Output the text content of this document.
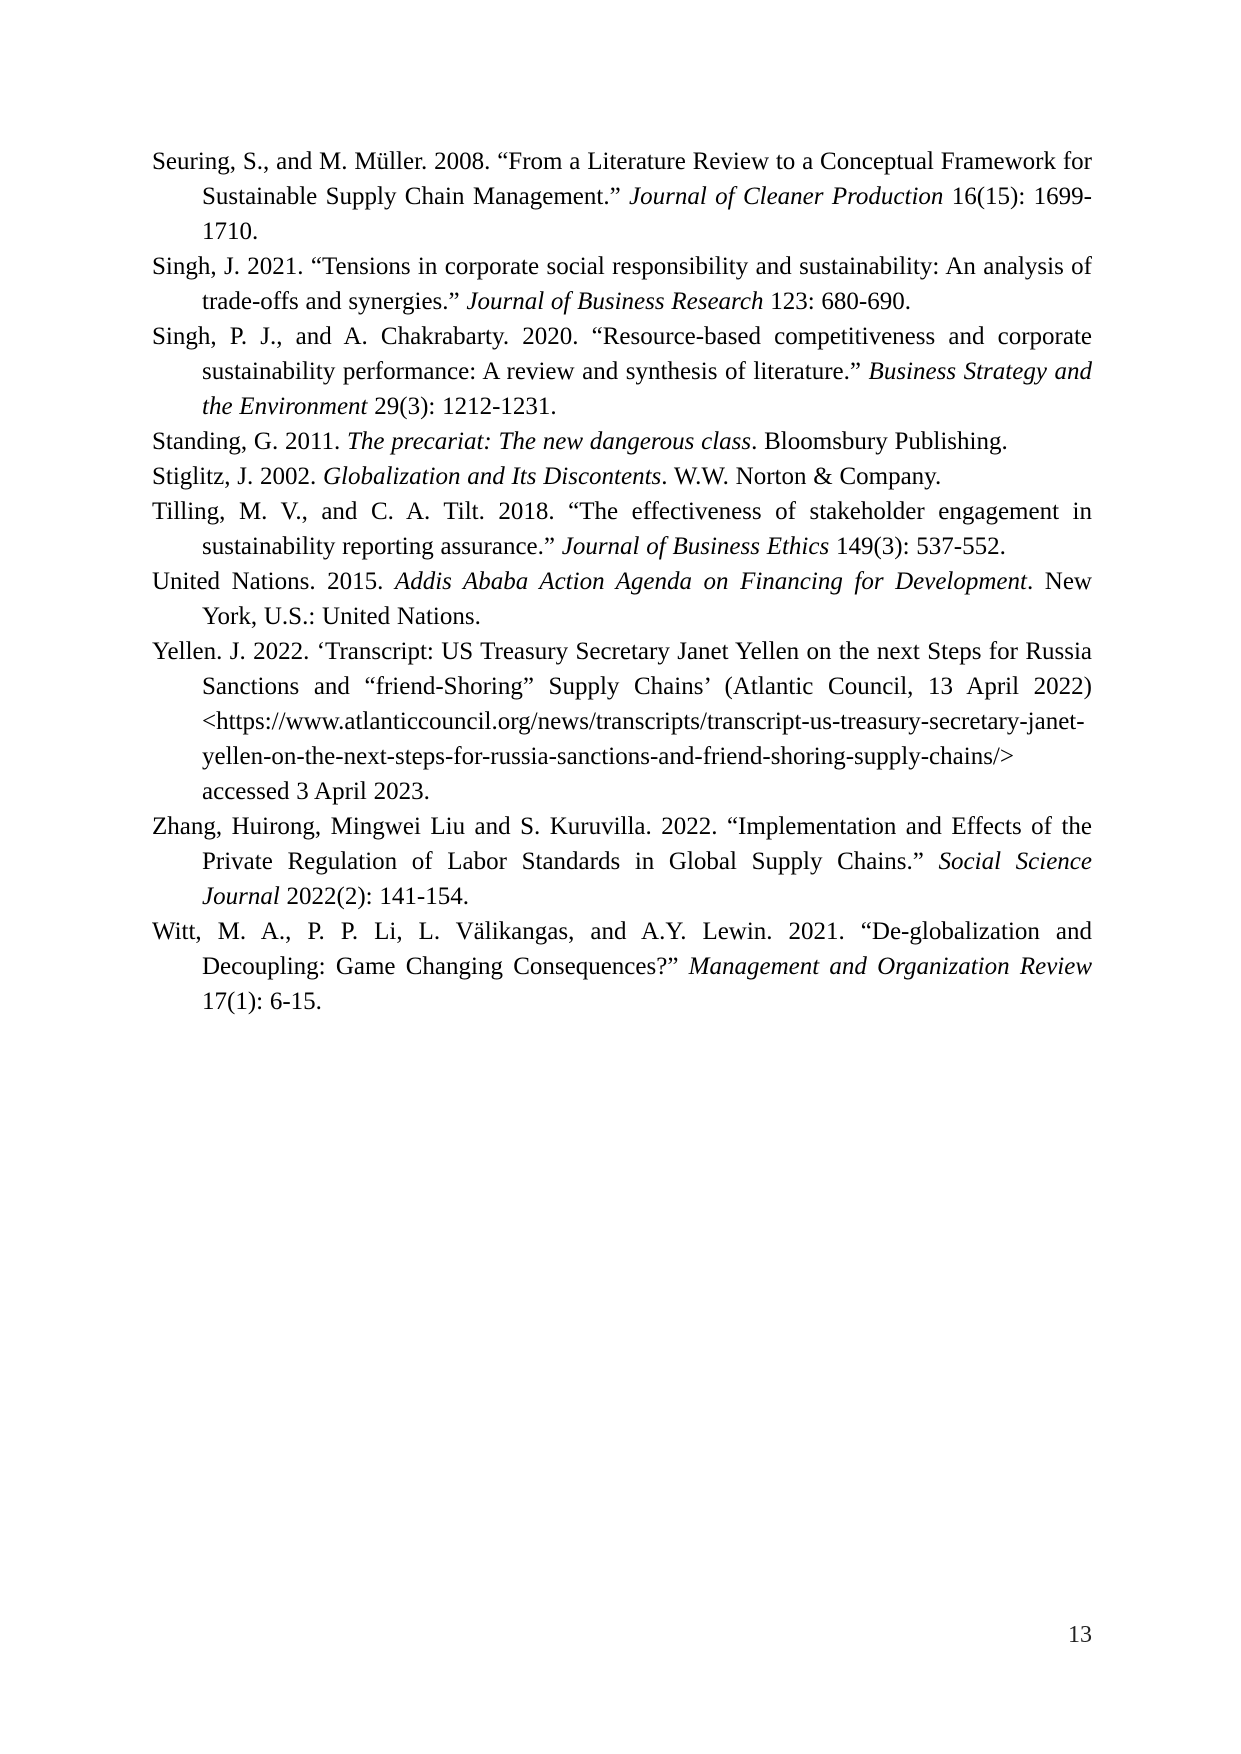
Seuring, S., and M. Müller. 2008. “From a Literature Review to a Conceptual Framework for Sustainable Supply Chain Management.” Journal of Cleaner Production 16(15): 1699-1710.

Singh, J. 2021. “Tensions in corporate social responsibility and sustainability: An analysis of trade-offs and synergies.” Journal of Business Research 123: 680-690.

Singh, P. J., and A. Chakrabarty. 2020. “Resource-based competitiveness and corporate sustainability performance: A review and synthesis of literature.” Business Strategy and the Environment 29(3): 1212-1231.

Standing, G. 2011. The precariat: The new dangerous class. Bloomsbury Publishing.

Stiglitz, J. 2002. Globalization and Its Discontents. W.W. Norton & Company.

Tilling, M. V., and C. A. Tilt. 2018. “The effectiveness of stakeholder engagement in sustainability reporting assurance.” Journal of Business Ethics 149(3): 537-552.

United Nations. 2015. Addis Ababa Action Agenda on Financing for Development. New York, U.S.: United Nations.

Yellen. J. 2022. ‘Transcript: US Treasury Secretary Janet Yellen on the next Steps for Russia Sanctions and “friend-Shoring” Supply Chains’ (Atlantic Council, 13 April 2022) <https://www.atlanticcouncil.org/news/transcripts/transcript-us-treasury-secretary-janet-yellen-on-the-next-steps-for-russia-sanctions-and-friend-shoring-supply-chains/> accessed 3 April 2023.

Zhang, Huirong, Mingwei Liu and S. Kuruvilla. 2022. “Implementation and Effects of the Private Regulation of Labor Standards in Global Supply Chains.” Social Science Journal 2022(2): 141-154.

Witt, M. A., P. P. Li, L. Välikangas, and A.Y. Lewin. 2021. “De-globalization and Decoupling: Game Changing Consequences?” Management and Organization Review 17(1): 6-15.

13
